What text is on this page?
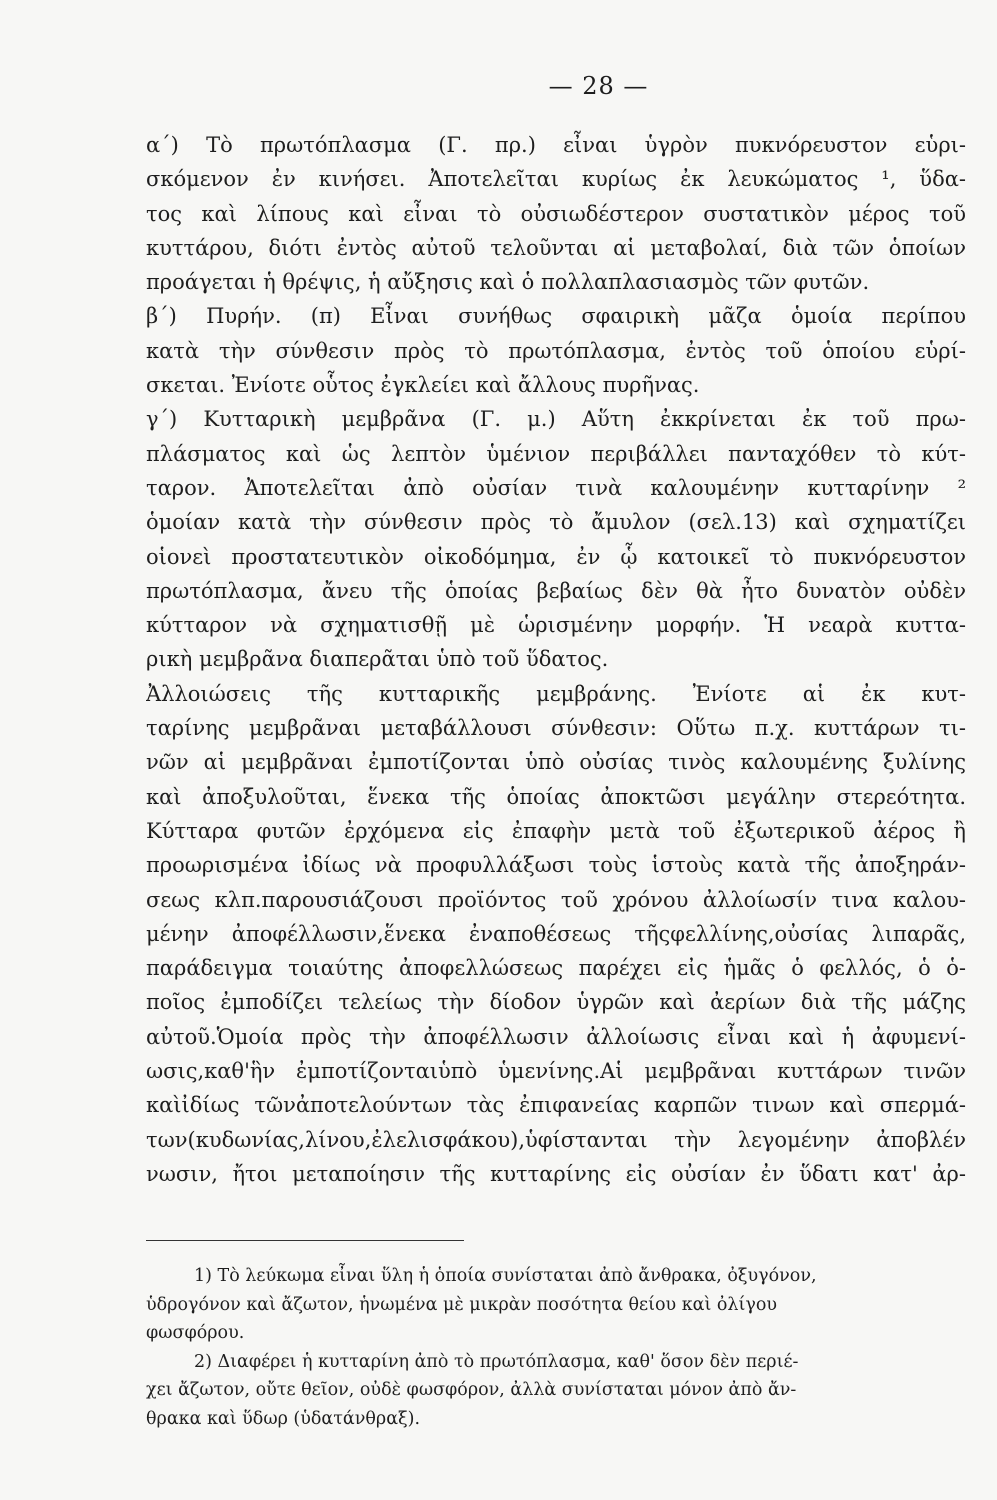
— 28 —
α΄) Τὸ πρωτόπλασμα (Γ. πρ.) εἶναι ὑγρὸν πυκνόρευστον εὑρι-
σκόμενον ἐν κινήσει. Ἀποτελεῖται κυρίως ἐκ λευκώματος ¹, ὕδα-
τος καὶ λίπους καὶ εἶναι τὸ οὐσιωδέστερον συστατικὸν μέρος τοῦ
κυττάρου, διότι ἐντὸς αὐτοῦ τελοῦνται αἱ μεταβολαί, διὰ τῶν ὁποίων
προάγεται ἡ θρέψις, ἡ αὔξησις καὶ ὁ πολλαπλασιασμὸς τῶν φυτῶν.
β΄) Πυρήν. (π) Εἶναι συνήθως σφαιρικὴ μᾶζα ὁμοία περίπου
κατὰ τὴν σύνθεσιν πρὸς τὸ πρωτόπλασμα, ἐντὸς τοῦ ὁποίου εὑρί-
σκεται. Ἐνίοτε οὗτος ἐγκλείει καὶ ἄλλους πυρῆνας.
γ΄) Κυτταρικὴ μεμβρᾶνα (Γ. μ.) Αὕτη ἐκκρίνεται ἐκ τοῦ πρω-
πλάσματος καὶ ὡς λεπτὸν ὑμένιον περιβάλλει πανταχόθεν τὸ κύτ-
ταρον. Ἀποτελεῖται ἀπὸ οὐσίαν τινὰ καλουμένην κυτταρίνην ²
ὁμοίαν κατὰ τὴν σύνθεσιν πρὸς τὸ ἄμυλον (σελ.13) καὶ σχηματίζει
οἱονεὶ προστατευτικὸν οἰκοδόμημα, ἐν ᾧ κατοικεῖ τὸ πυκνόρευστον
πρωτόπλασμα, ἄνευ τῆς ὁποίας βεβαίως δὲν θὰ ἦτο δυνατὸν οὐδὲν
κύτταρον νὰ σχηματισθῇ μὲ ὡρισμένην μορφήν. Ἡ νεαρὰ κυττα-
ρικὴ μεμβρᾶνα διαπερᾶται ὑπὸ τοῦ ὕδατος.
Ἀλλοιώσεις τῆς κυτταρικῆς μεμβράνης. Ἐνίοτε αἱ ἐκ κυτ-
ταρίνης μεμβρᾶναι μεταβάλλουσι σύνθεσιν: Οὕτω π.χ. κυττάρων τι-
νῶν αἱ μεμβρᾶναι ἐμποτίζονται ὑπὸ οὐσίας τινὸς καλουμένης ξυλίνης
καὶ ἀποξυλοῦται, ἕνεκα τῆς ὁποίας ἀποκτῶσι μεγάλην στερεότητα.
Κύτταρα φυτῶν ἐρχόμενα εἰς ἐπαφὴν μετὰ τοῦ ἐξωτερικοῦ ἀέρος ἢ
προωρισμένα ἰδίως νὰ προφυλλάξωσι τοὺς ἱστοὺς κατὰ τῆς ἀποξηράν-
σεως κλπ.παρουσιάζουσι προϊόντος τοῦ χρόνου ἀλλοίωσίν τινα καλου-
μένην ἀποφέλλωσιν,ἕνεκα ἐναποθέσεως τῆςφελλίνης,οὐσίας λιπαρᾶς,
παράδειγμα τοιαύτης ἀποφελλώσεως παρέχει εἰς ἡμᾶς ὁ φελλός, ὁ ὁ-
ποῖος ἐμποδίζει τελείως τὴν δίοδον ὑγρῶν καὶ ἀερίων διὰ τῆς μάζης
αὐτοῦ.Ὁμοία πρὸς τὴν ἀποφέλλωσιν ἀλλοίωσις εἶναι καὶ ἡ ἀφυμενί-
ωσις,καθ'ἣν ἐμποτίζονταιὑπὸ ὑμενίνης.Αἱ μεμβρᾶναι κυττάρων τινῶν
καὶἰδίως τῶνἀποτελούντων τὰς ἐπιφανείας καρπῶν τινων καὶ σπερμά-
των(κυδωνίας,λίνου,ἐλελισφάκου),ὑφίστανται τὴν λεγομένην ἀποβλέν
νωσιν, ἤτοι μεταποίησιν τῆς κυτταρίνης εἰς οὐσίαν ἐν ὕδατι κατ' ἀρ-
1) Τὸ λεύκωμα εἶναι ὕλη ἡ ὁποία συνίσταται ἀπὸ ἄνθρακα, ὀξυγόνον,
ὑδρογόνον καὶ ἄζωτον, ἡνωμένα μὲ μικρὰν ποσότητα θείου καὶ ὀλίγου
φωσφόρου.
2) Διαφέρει ἡ κυτταρίνη ἀπὸ τὸ πρωτόπλασμα, καθ' ὅσον δὲν περιέ-
χει ἄζωτον, οὔτε θεῖον, οὐδὲ φωσφόρον, ἀλλὰ συνίσταται μόνον ἀπὸ ἄν-
θρακα καὶ ὕδωρ (ὑδατάνθραξ).
